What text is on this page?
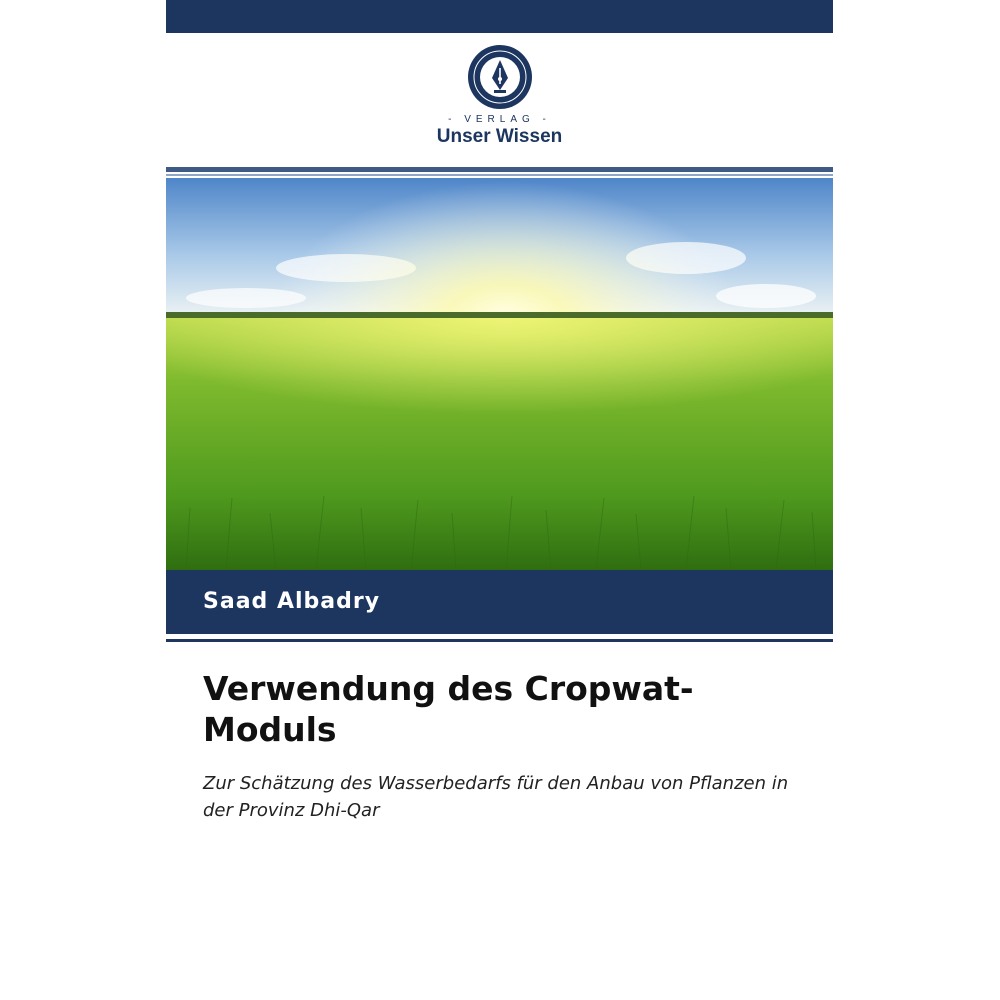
- VERLAG -
Unser Wissen
Saad Albadry
Verwendung des Cropwat-Moduls

Zur Schätzung des Wasserbedarfs für den Anbau von Pflanzen in der Provinz Dhi-Qar
